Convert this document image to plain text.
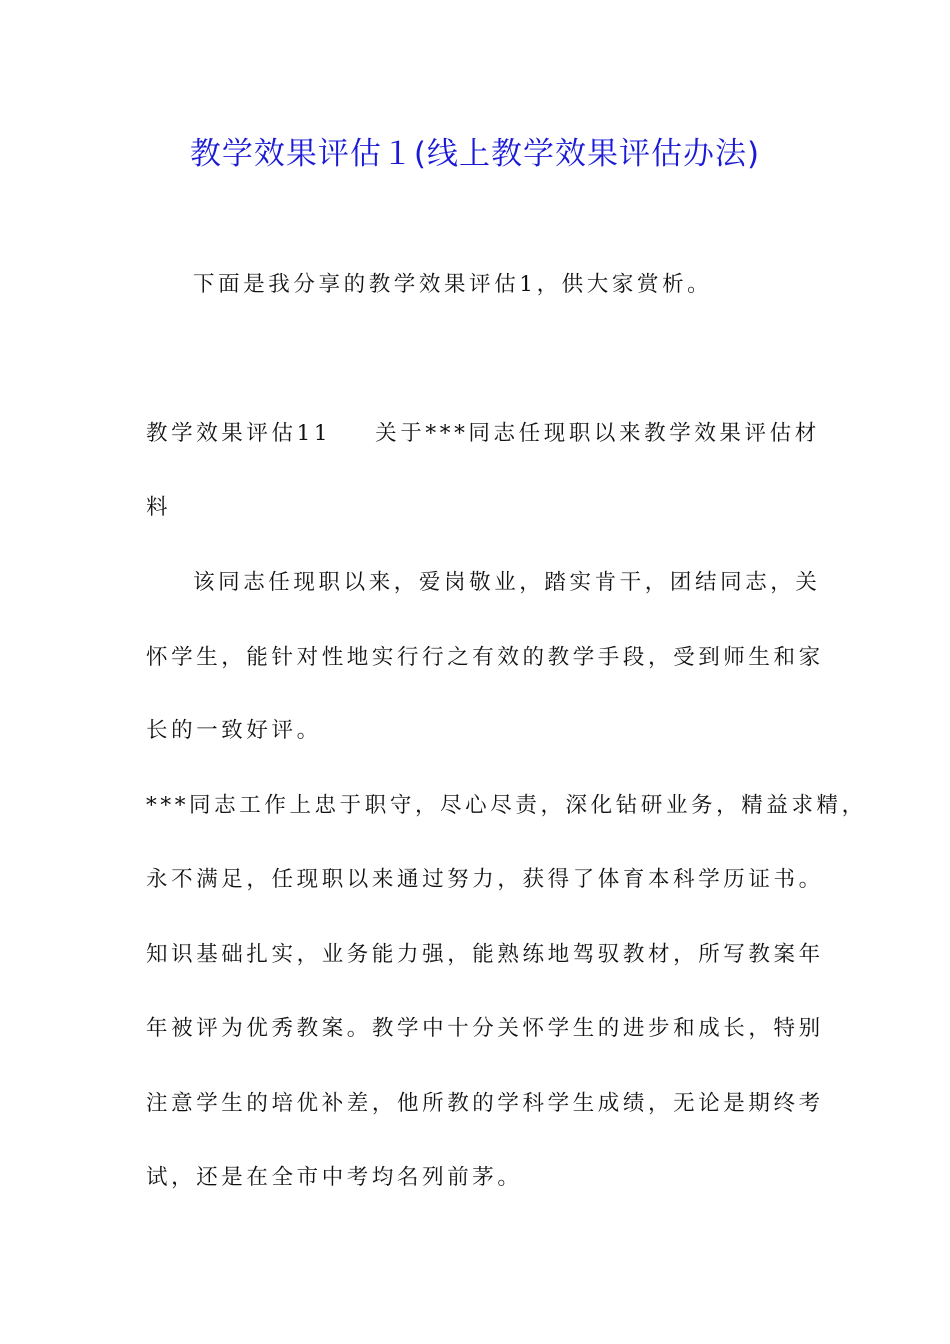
教学效果评估１(线上教学效果评估办法)
下面是我分享的教学效果评估1，供大家赏析。
教学效果评估11 关于***同志任现职以来教学效果评估材
料
该同志任现职以来，爱岗敬业，踏实肯干，团结同志，关
怀学生，能针对性地实行行之有效的教学手段，受到师生和家
长的一致好评。
***同志工作上忠于职守，尽心尽责，深化钻研业务，精益求精，
永不满足，任现职以来通过努力，获得了体育本科学历证书。
知识基础扎实，业务能力强，能熟练地驾驭教材，所写教案年
年被评为优秀教案。教学中十分关怀学生的进步和成长，特别
注意学生的培优补差，他所教的学科学生成绩，无论是期终考
试，还是在全市中考均名列前茅。
